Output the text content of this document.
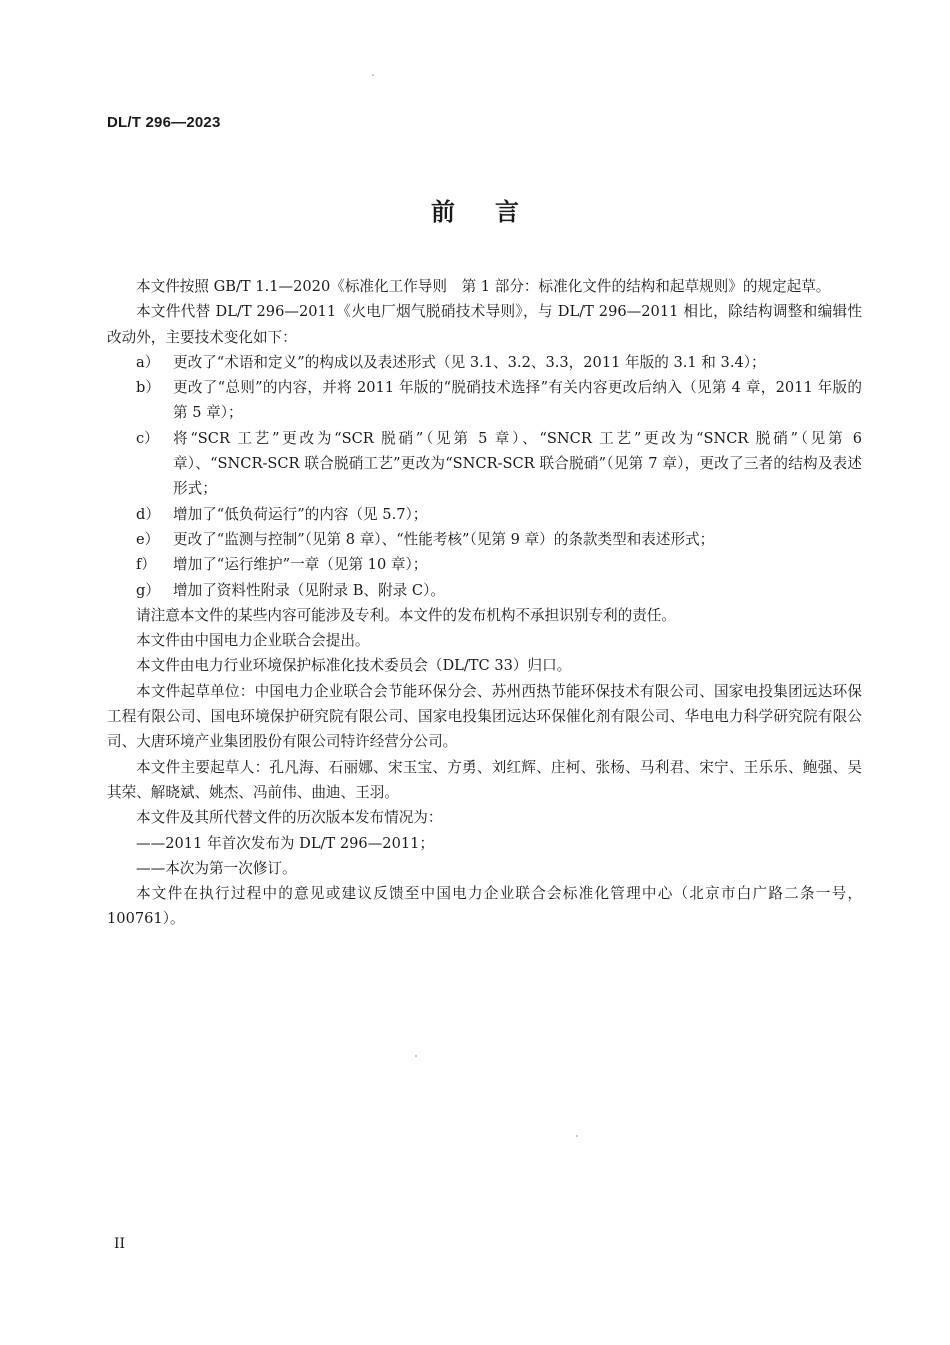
DL/T 296—2023
前言

本文件按照 GB/T 1.1—2020《标准化工作导则　第 1 部分：标准化文件的结构和起草规则》的规定起草。

本文件代替 DL/T 296—2011《火电厂烟气脱硝技术导则》，与 DL/T 296—2011 相比，除结构调整和编辑性改动外，主要技术变化如下：

a） 更改了“术语和定义”的构成以及表述形式（见 3.1、3.2、3.3，2011 年版的 3.1 和 3.4）；
b） 更改了“总则”的内容，并将 2011 年版的“脱硝技术选择”有关内容更改后纳入（见第 4 章，2011 年版的第 5 章）；
c） 将“SCR 工艺”更改为“SCR 脱硝”（见第 5 章）、“SNCR 工艺”更改为“SNCR 脱硝”（见第 6 章）、“SNCR-SCR 联合脱硝工艺”更改为“SNCR-SCR 联合脱硝”（见第 7 章），更改了三者的结构及表述形式；
d） 增加了“低负荷运行”的内容（见 5.7）；
e） 更改了“监测与控制”（见第 8 章）、“性能考核”（见第 9 章）的条款类型和表述形式；
f）	增加了“运行维护”一章（见第 10 章）；
g） 增加了资料性附录（见附录 B、附录 C）。

请注意本文件的某些内容可能涉及专利。本文件的发布机构不承担识别专利的责任。

本文件由中国电力企业联合会提出。

本文件由电力行业环境保护标准化技术委员会（DL/TC 33）归口。

本文件起草单位：中国电力企业联合会节能环保分会、苏州西热节能环保技术有限公司、国家电投集团远达环保工程有限公司、国电环境保护研究院有限公司、国家电投集团远达环保催化剂有限公司、华电电力科学研究院有限公司、大唐环境产业集团股份有限公司特许经营分公司。

本文件主要起草人：孔凡海、石丽娜、宋玉宝、方勇、刘红辉、庄柯、张杨、马利君、宋宁、王乐乐、鲍强、吴其荣、解晓斌、姚杰、冯前伟、曲迪、王羽。

本文件及其所代替文件的历次版本发布情况为：

——2011 年首次发布为 DL/T 296—2011；

——本次为第一次修订。

本文件在执行过程中的意见或建议反馈至中国电力企业联合会标准化管理中心（北京市白广路二条一号，100761）。

II
